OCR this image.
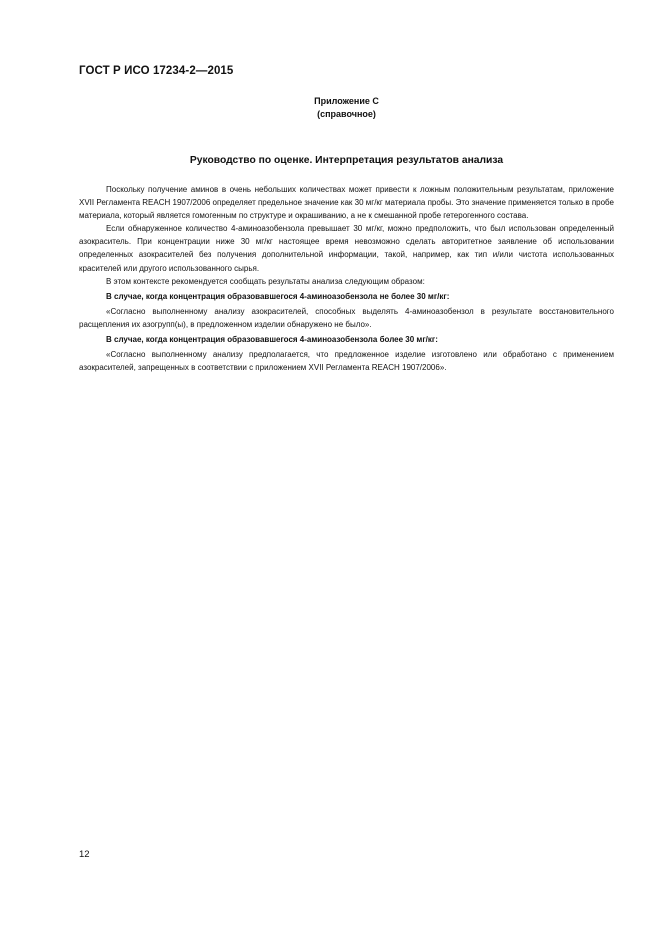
ГОСТ Р ИСО 17234-2—2015
Приложение С
(справочное)
Руководство по оценке. Интерпретация результатов анализа

Поскольку получение аминов в очень небольших количествах может привести к ложным положительным результатам, приложение XVII Регламента REACH 1907/2006 определяет предельное значение как 30 мг/кг материала пробы. Это значение применяется только в пробе материала, который является гомогенным по структуре и окрашиванию, а не к смешанной пробе гетерогенного состава.

Если обнаруженное количество 4-аминоазобензола превышает 30 мг/кг, можно предположить, что был использован определенный азокраситель. При концентрации ниже 30 мг/кг настоящее время невозможно сделать авторитетное заявление об использовании определенных азокрасителей без получения дополнительной информации, такой, например, как тип и/или чистота использованных красителей или другого использованного сырья.

В этом контексте рекомендуется сообщать результаты анализа следующим образом:

В случае, когда концентрация образовавшегося 4-аминоазобензола не более 30 мг/кг:

«Согласно выполненному анализу азокрасителей, способных выделять 4-аминоазобензол в результате восстановительного расщепления их азогрупп(ы), в предложенном изделии обнаружено не было».

В случае, когда концентрация образовавшегося 4-аминоазобензола более 30 мг/кг:

«Согласно выполненному анализу предполагается, что предложенное изделие изготовлено или обработано с применением азокрасителей, запрещенных в соответствии с приложением XVII Регламента REACH 1907/2006».

12
